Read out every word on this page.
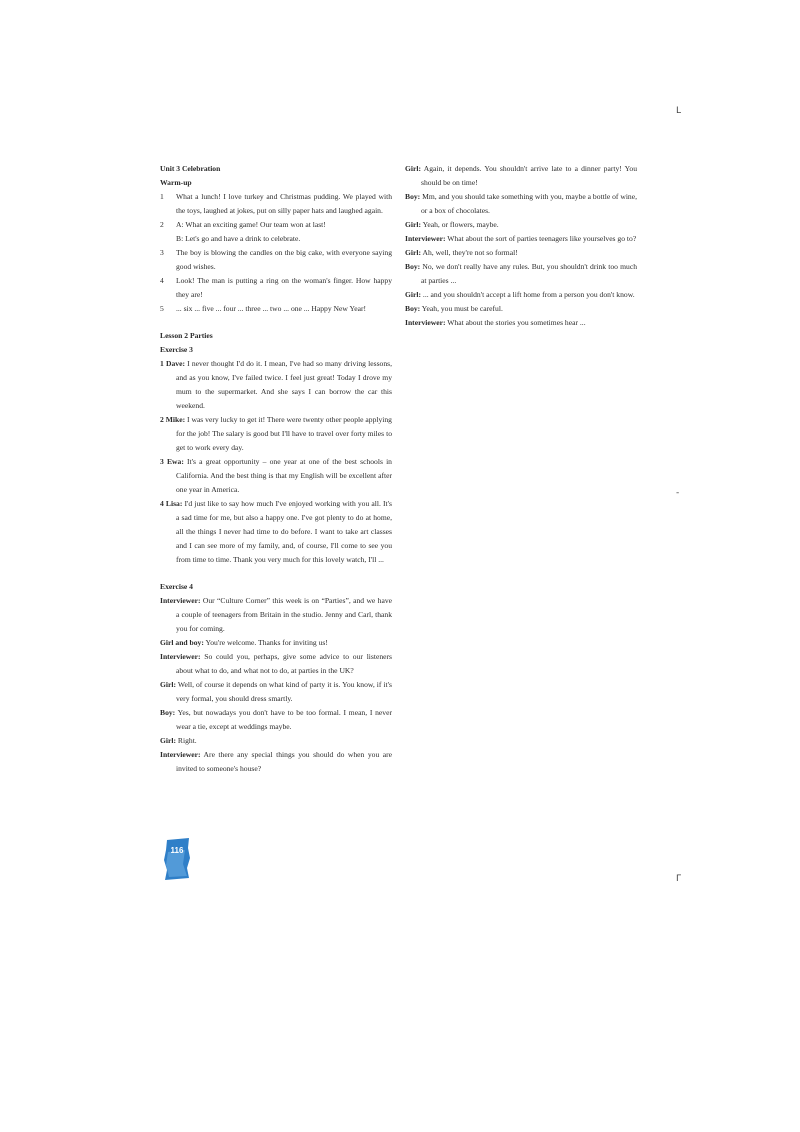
L
-
Γ

Unit 3 Celebration

Warm-up

1 What a lunch! I love turkey and Christmas pudding. We played with the toys, laughed at jokes, put on silly paper hats and laughed again.

2 A: What an exciting game! Our team won at last!

B: Let's go and have a drink to celebrate.

3 The boy is blowing the candles on the big cake, with everyone saying good wishes.

4 Look! The man is putting a ring on the woman's finger. How happy they are!

5 ... six ... five ... four ... three ... two ... one ... Happy New Year!

Lesson 2 Parties

Exercise 3

1 Dave: I never thought I'd do it. I mean, I've had so many driving lessons, and as you know, I've failed twice. I feel just great! Today I drove my mum to the supermarket. And she says I can borrow the car this weekend.

2 Mike: I was very lucky to get it! There were twenty other people applying for the job! The salary is good but I'll have to travel over forty miles to get to work every day.

3 Ewa: It's a great opportunity – one year at one of the best schools in California. And the best thing is that my English will be excellent after one year in America.

4 Lisa: I'd just like to say how much I've enjoyed working with you all. It's a sad time for me, but also a happy one. I've got plenty to do at home, all the things I never had time to do before. I want to take art classes and I can see more of my family, and, of course, I'll come to see you from time to time. Thank you very much for this lovely watch, I'll ...

Exercise 4

Interviewer: Our “Culture Corner” this week is on “Parties”, and we have a couple of teenagers from Britain in the studio. Jenny and Carl, thank you for coming.

Girl and boy: You're welcome. Thanks for inviting us!

Interviewer: So could you, perhaps, give some advice to our listeners about what to do, and what not to do, at parties in the UK?

Girl: Well, of course it depends on what kind of party it is. You know, if it's very formal, you should dress smartly.

Boy: Yes, but nowadays you don't have to be too formal. I mean, I never wear a tie, except at weddings maybe.

Girl: Right.

Interviewer: Are there any special things you should do when you are invited to someone's house?

Girl: Again, it depends. You shouldn't arrive late to a dinner party! You should be on time!

Boy: Mm, and you should take something with you, maybe a bottle of wine, or a box of chocolates.

Girl: Yeah, or flowers, maybe.

Interviewer: What about the sort of parties teenagers like yourselves go to?

Girl: Ah, well, they're not so formal!

Boy: No, we don't really have any rules. But, you shouldn't drink too much at parties ...

Girl: ... and you shouldn't accept a lift home from a person you don't know.

Boy: Yeah, you must be careful.

Interviewer: What about the stories you sometimes hear ...

116
